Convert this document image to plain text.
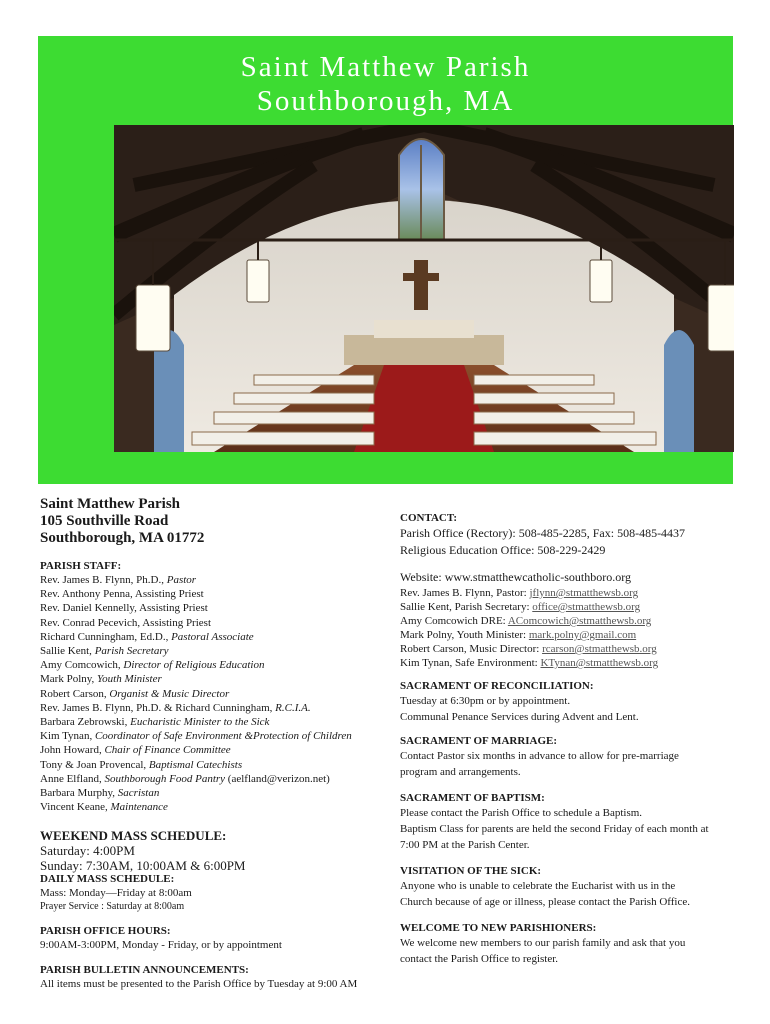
Saint Matthew Parish
Southborough, MA
Saint Matthew Parish
105 Southville Road
Southborough, MA 01772
PARISH STAFF:
Rev. James B. Flynn, Ph.D., Pastor
Rev. Anthony Penna, Assisting Priest
Rev. Daniel Kennelly, Assisting Priest
Rev. Conrad Pecevich, Assisting Priest
Richard Cunningham, Ed.D., Pastoral Associate
Sallie Kent, Parish Secretary
Amy Comcowich, Director of Religious Education
Mark Polny, Youth Minister
Robert Carson, Organist & Music Director
Rev. James B. Flynn, Ph.D. & Richard Cunningham, R.C.I.A.
Barbara Zebrowski, Eucharistic Minister to the Sick
Kim Tynan, Coordinator of Safe Environment &Protection of Children
John Howard, Chair of Finance Committee
Tony & Joan Provencal, Baptismal Catechists
Anne Elfland, Southborough Food Pantry (aelfland@verizon.net)
Barbara Murphy, Sacristan
Vincent Keane, Maintenance
WEEKEND MASS SCHEDULE:
Saturday: 4:00PM
Sunday: 7:30AM, 10:00AM & 6:00PM
DAILY MASS SCHEDULE:
Mass: Monday—Friday at 8:00am
Prayer Service : Saturday at 8:00am
PARISH OFFICE HOURS:
9:00AM-3:00PM, Monday - Friday, or by appointment
PARISH BULLETIN ANNOUNCEMENTS:
All items must be presented to the Parish Office by Tuesday at 9:00 AM
CONTACT:
Parish Office (Rectory): 508-485-2285, Fax: 508-485-4437
Religious Education Office: 508-229-2429
Website: www.stmatthewcatholic-southboro.org
Rev. James B. Flynn, Pastor: jflynn@stmatthewsb.org
Sallie Kent, Parish Secretary: office@stmatthewsb.org
Amy Comcowich DRE: AComcowich@stmatthewsb.org
Mark Polny, Youth Minister: mark.polny@gmail.com
Robert Carson, Music Director: rcarson@stmatthewsb.org
Kim Tynan, Safe Environment: KTynan@stmatthewsb.org
SACRAMENT OF RECONCILIATION:
Tuesday at 6:30pm or by appointment.
Communal Penance Services during Advent and Lent.
SACRAMENT OF MARRIAGE:
Contact Pastor six months in advance to allow for pre-marriage
program and arrangements.
SACRAMENT OF BAPTISM:
Please contact the Parish Office to schedule a Baptism.
Baptism Class for parents are held the second Friday of each month at
7:00 PM at the Parish Center.
VISITATION OF THE SICK:
Anyone who is unable to celebrate the Eucharist with us in the
Church because of age or illness, please contact the Parish Office.
WELCOME TO NEW PARISHIONERS:
We welcome new members to our parish family and ask that you
contact the Parish Office to register.
